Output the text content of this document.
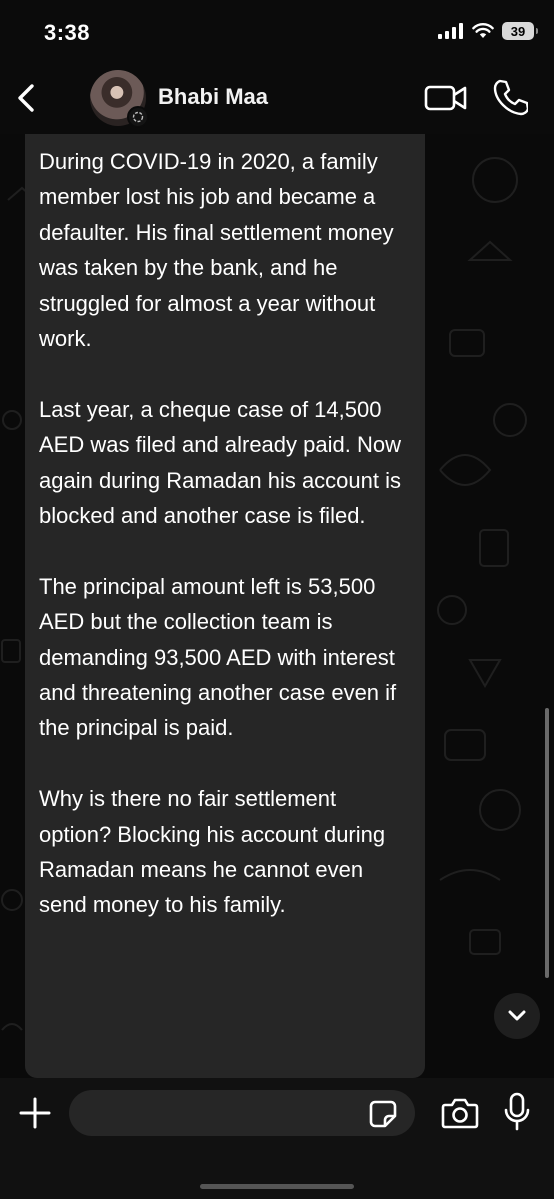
3:38	39
Bhabi Maa

During COVID-19 in 2020, a family member lost his job and became a defaulter. His final settlement money was taken by the bank, and he struggled for almost a year without work.

Last year, a cheque case of 14,500 AED was filed and already paid. Now again during Ramadan his account is blocked and another case is filed.

The principal amount left is 53,500 AED but the collection team is demanding 93,500 AED with interest and threatening another case even if the principal is paid.

Why is there no fair settlement option? Blocking his account during Ramadan means he cannot even send money to his family.
